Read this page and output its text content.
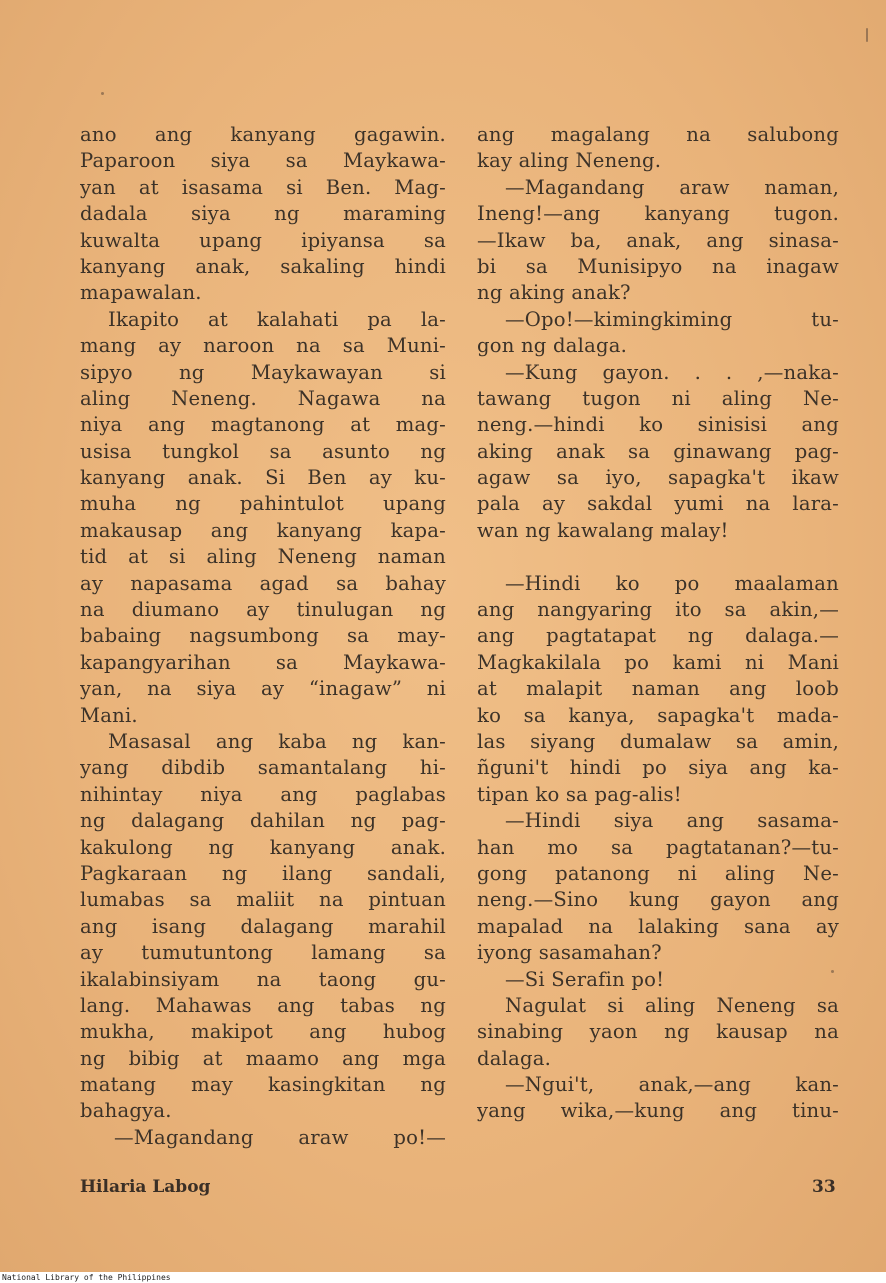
ano ang kanyang gagawin.
Paparoon siya sa Maykawa-
yan at isasama si Ben. Mag-
dadala siya ng maraming
kuwalta upang ipiyansa sa
kanyang anak, sakaling hindi
mapawalan.
Ikapito at kalahati pa la-
mang ay naroon na sa Muni-
sipyo ng Maykawayan si
aling Neneng. Nagawa na
niya ang magtanong at mag-
usisa tungkol sa asunto ng
kanyang anak. Si Ben ay ku-
muha ng pahintulot upang
makausap ang kanyang kapa-
tid at si aling Neneng naman
ay napasama agad sa bahay
na diumano ay tinulugan ng
babaing nagsumbong sa may-
kapangyarihan sa Maykawa-
yan, na siya ay “inagaw” ni
Mani.
Masasal ang kaba ng kan-
yang dibdib samantalang hi-
nihintay niya ang paglabas
ng dalagang dahilan ng pag-
kakulong ng kanyang anak.
Pagkaraan ng ilang sandali,
lumabas sa maliit na pintuan
ang isang dalagang marahil
ay tumutuntong lamang sa
ikalabinsiyam na taong gu-
lang. Mahawas ang tabas ng
mukha, makipot ang hubog
ng bibig at maamo ang mga
matang may kasingkitan ng
bahagya.
—Magandang araw po!—
ang magalang na salubong
kay aling Neneng.
—Magandang araw naman,
Ineng!—ang kanyang tugon.
—Ikaw ba, anak, ang sinasa-
bi sa Munisipyo na inagaw
ng aking anak?
—Opo!—kimingkiming tu-
gon ng dalaga.
—Kung gayon. . . ,—naka-
tawang tugon ni aling Ne-
neng.—hindi ko sinisisi ang
aking anak sa ginawang pag-
agaw sa iyo, sapagka't ikaw
pala ay sakdal yumi na lara-
wan ng kawalang malay!
—Hindi ko po maalaman
ang nangyaring ito sa akin,—
ang pagtatapat ng dalaga.—
Magkakilala po kami ni Mani
at malapit naman ang loob
ko sa kanya, sapagka't mada-
las siyang dumalaw sa amin,
ñguni't hindi po siya ang ka-
tipan ko sa pag-alis!
—Hindi siya ang sasama-
han mo sa pagtatanan?—tu-
gong patanong ni aling Ne-
neng.—Sino kung gayon ang
mapalad na lalaking sana ay
iyong sasamahan?
—Si Serafin po!
Nagulat si aling Neneng sa
sinabing yaon ng kausap na
dalaga.
—Ngui't, anak,—ang kan-
yang wika,—kung ang tinu-
Hilaria Labog	33
National Library of the Philippines
